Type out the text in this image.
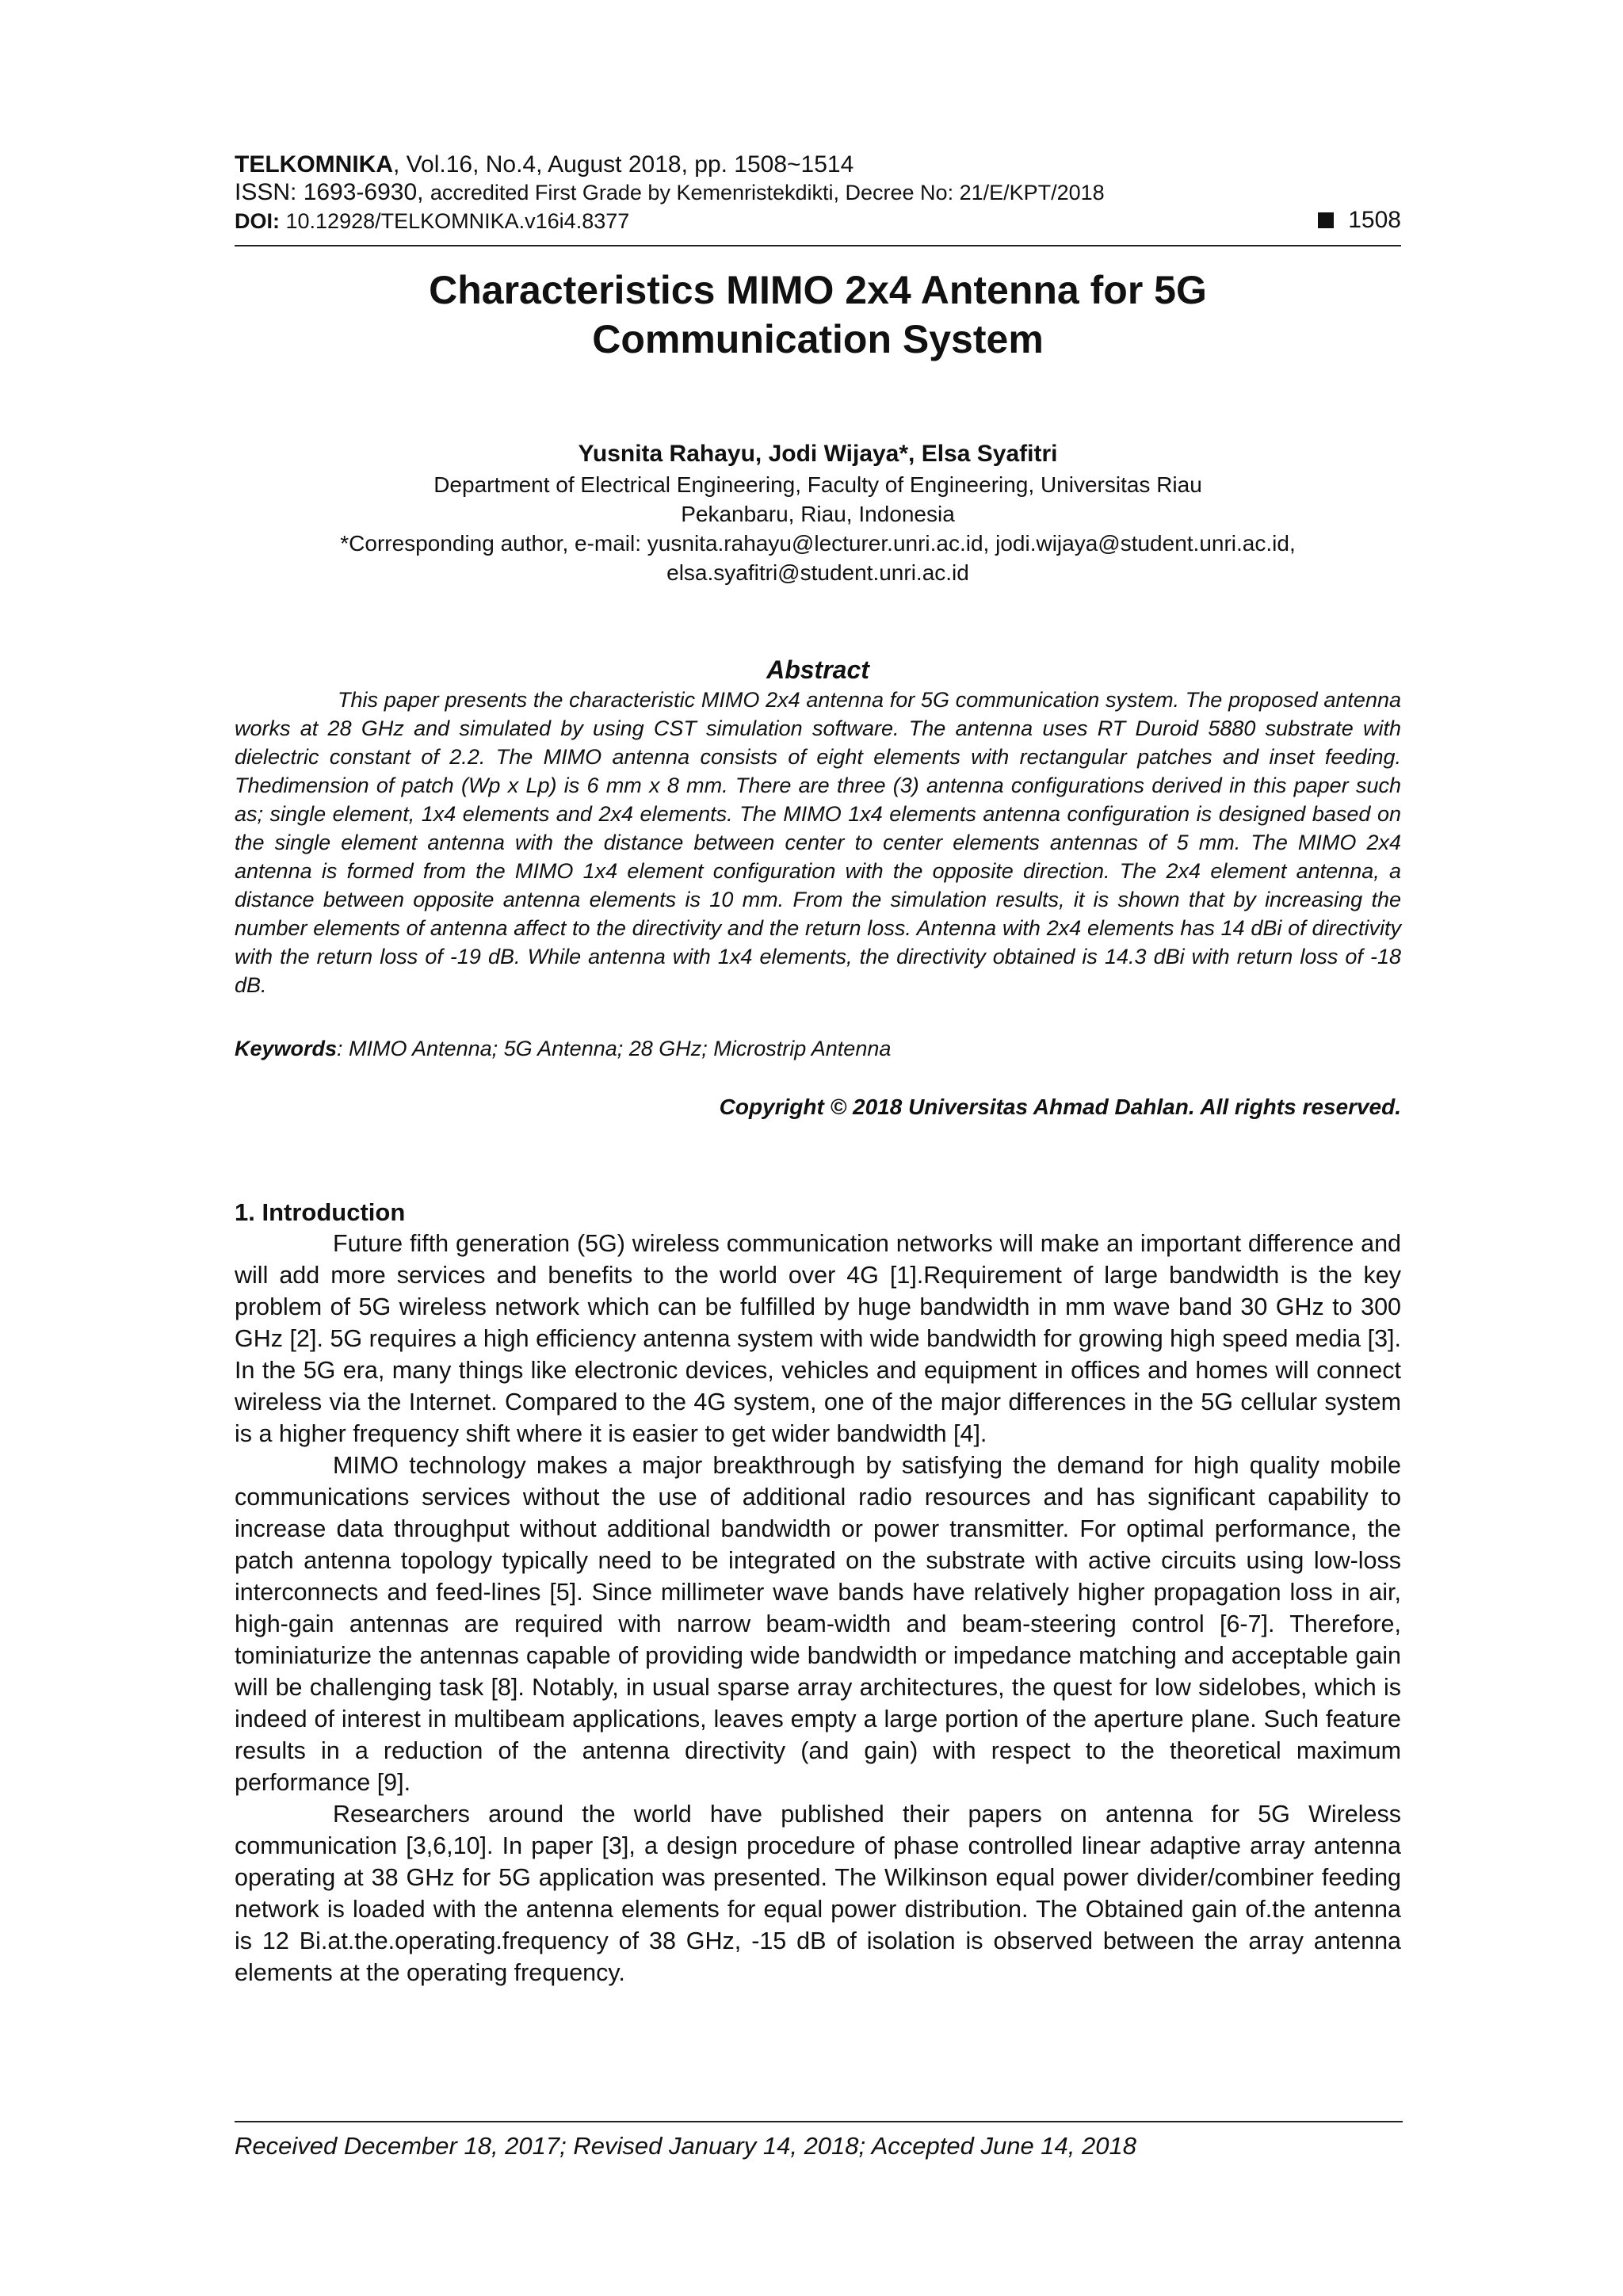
TELKOMNIKA, Vol.16, No.4, August 2018, pp. 1508~1514

ISSN: 1693-6930, accredited First Grade by Kemenristekdikti, Decree No: 21/E/KPT/2018

DOI: 10.12928/TELKOMNIKA.v16i4.8377	1508
Characteristics MIMO 2x4 Antenna for 5G Communication System
Yusnita Rahayu, Jodi Wijaya*, Elsa Syafitri
Department of Electrical Engineering, Faculty of Engineering, Universitas Riau
Pekanbaru, Riau, Indonesia
*Corresponding author, e-mail: yusnita.rahayu@lecturer.unri.ac.id, jodi.wijaya@student.unri.ac.id,
elsa.syafitri@student.unri.ac.id
Abstract

This paper presents the characteristic MIMO 2x4 antenna for 5G communication system. The proposed antenna works at 28 GHz and simulated by using CST simulation software. The antenna uses RT Duroid 5880 substrate with dielectric constant of 2.2. The MIMO antenna consists of eight elements with rectangular patches and inset feeding. Thedimension of patch (Wp x Lp) is 6 mm x 8 mm. There are three (3) antenna configurations derived in this paper such as; single element, 1x4 elements and 2x4 elements. The MIMO 1x4 elements antenna configuration is designed based on the single element antenna with the distance between center to center elements antennas of 5 mm. The MIMO 2x4 antenna is formed from the MIMO 1x4 element configuration with the opposite direction. The 2x4 element antenna, a distance between opposite antenna elements is 10 mm. From the simulation results, it is shown that by increasing the number elements of antenna affect to the directivity and the return loss. Antenna with 2x4 elements has 14 dBi of directivity with the return loss of -19 dB. While antenna with 1x4 elements, the directivity obtained is 14.3 dBi with return loss of -18 dB.

Keywords: MIMO Antenna; 5G Antenna; 28 GHz; Microstrip Antenna
Copyright © 2018 Universitas Ahmad Dahlan. All rights reserved.
1. Introduction

Future fifth generation (5G) wireless communication networks will make an important difference and will add more services and benefits to the world over 4G [1].Requirement of large bandwidth is the key problem of 5G wireless network which can be fulfilled by huge bandwidth in mm wave band 30 GHz to 300 GHz [2]. 5G requires a high efficiency antenna system with wide bandwidth for growing high speed media [3]. In the 5G era, many things like electronic devices, vehicles and equipment in offices and homes will connect wireless via the Internet. Compared to the 4G system, one of the major differences in the 5G cellular system is a higher frequency shift where it is easier to get wider bandwidth [4].

MIMO technology makes a major breakthrough by satisfying the demand for high quality mobile communications services without the use of additional radio resources and has significant capability to increase data throughput without additional bandwidth or power transmitter. For optimal performance, the patch antenna topology typically need to be integrated on the substrate with active circuits using low-loss interconnects and feed-lines [5]. Since millimeter wave bands have relatively higher propagation loss in air, high-gain antennas are required with narrow beam-width and beam-steering control [6-7]. Therefore, tominiaturize the antennas capable of providing wide bandwidth or impedance matching and acceptable gain will be challenging task [8]. Notably, in usual sparse array architectures, the quest for low sidelobes, which is indeed of interest in multibeam applications, leaves empty a large portion of the aperture plane. Such feature results in a reduction of the antenna directivity (and gain) with respect to the theoretical maximum performance [9].

Researchers around the world have published their papers on antenna for 5G Wireless communication [3,6,10]. In paper [3], a design procedure of phase controlled linear adaptive array antenna operating at 38 GHz for 5G application was presented. The Wilkinson equal power divider/combiner feeding network is loaded with the antenna elements for equal power distribution. The Obtained gain of.the antenna is 12 Bi.at.the.operating.frequency of 38 GHz, -15 dB of isolation is observed between the array antenna elements at the operating frequency.

Received December 18, 2017; Revised January 14, 2018; Accepted June 14, 2018
